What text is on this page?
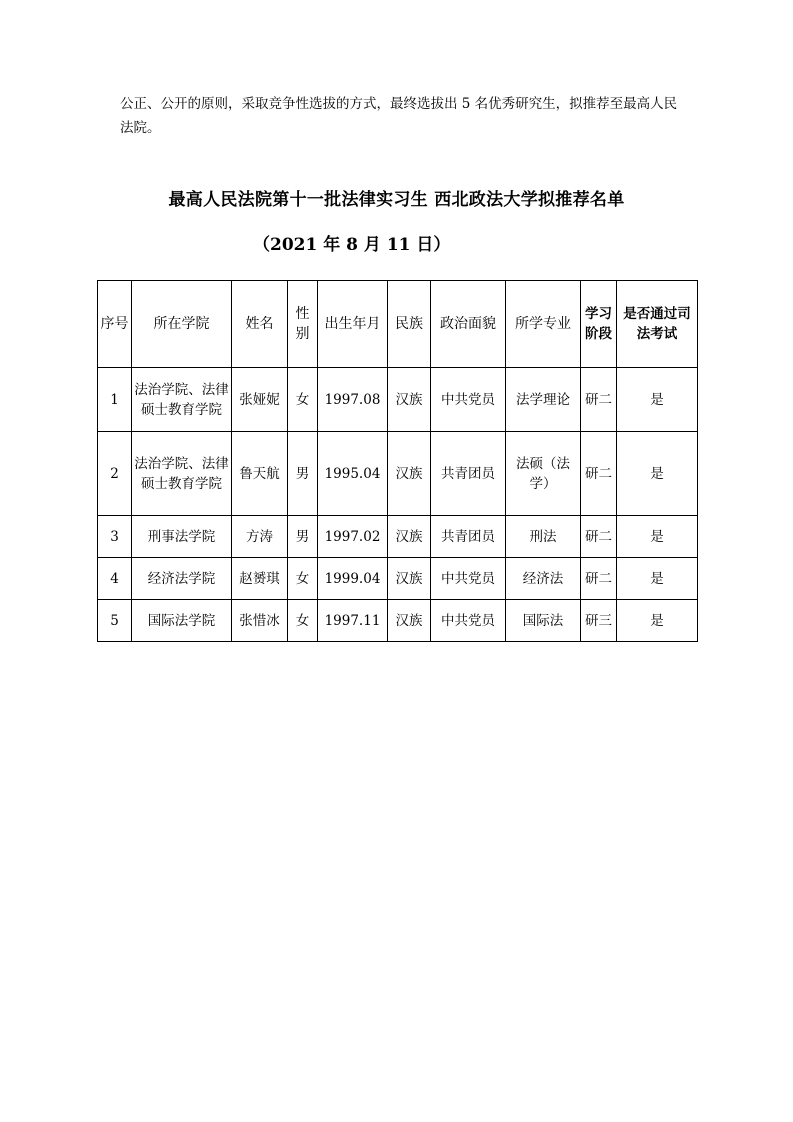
公正、公开的原则，采取竞争性选拔的方式，最终选拔出 5 名优秀研究生，拟推荐至最高人民法院。
最高人民法院第十一批法律实习生 西北政法大学拟推荐名单
（2021 年 8 月 11 日）
序号	所在学院	姓名	性别	出生年月	民族	政治面貌	所学专业	学习阶段	是否通过司法考试
1	法治学院、法律硕士教育学院	张娅妮	女	1997.08	汉族	中共党员	法学理论	研二	是
2	法治学院、法律硕士教育学院	鲁天航	男	1995.04	汉族	共青团员	法硕（法学）	研二	是
3	刑事法学院	方涛	男	1997.02	汉族	共青团员	刑法	研二	是
4	经济法学院	赵赟琪	女	1999.04	汉族	中共党员	经济法	研二	是
5	国际法学院	张惜冰	女	1997.11	汉族	中共党员	国际法	研三	是
